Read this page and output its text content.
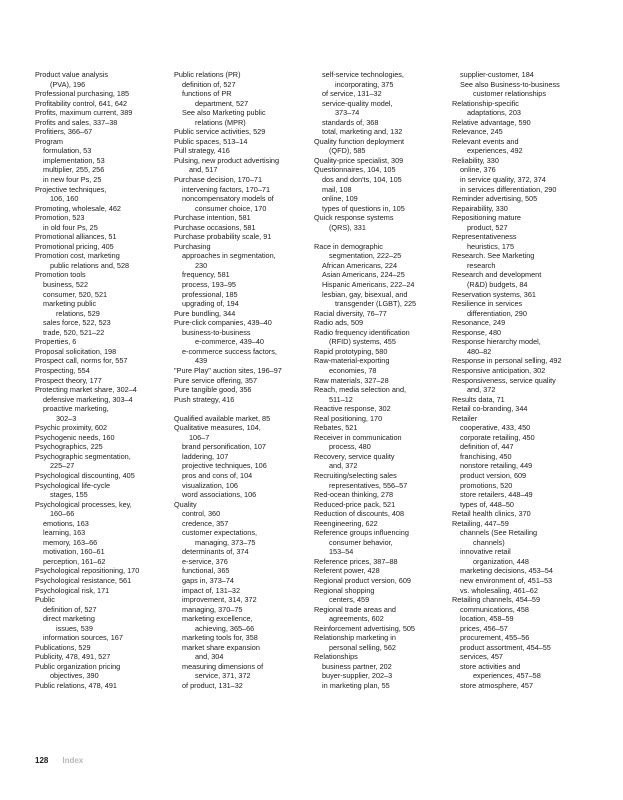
Product value analysis
(PVA), 196
Professional purchasing, 185
Profitability control, 641, 642
Profits, maximum current, 389
Profits and sales, 337–38
Profitiers, 366–67
Program
formulation, 53
implementation, 53
multiplier, 255, 256
in new four Ps, 25
Projective techniques,
106, 160
Promoting, wholesale, 462
Promotion, 523
in old four Ps, 25
Promotional alliances, 51
Promotional pricing, 405
Promotion cost, marketing
public relations and, 528
Promotion tools
business, 522
consumer, 520, 521
marketing public
relations, 529
sales force, 522, 523
trade, 520, 521–22
Properties, 6
Proposal solicitation, 198
Prospect call, norms for, 557
Prospecting, 554
Prospect theory, 177
Protecting market share, 302–4
defensive marketing, 303–4
proactive marketing,
302–3
Psychic proximity, 602
Psychogenic needs, 160
Psychographics, 225
Psychographic segmentation,
225–27
Psychological discounting, 405
Psychological life-cycle
stages, 155
Psychological processes, key,
160–66
emotions, 163
learning, 163
memory, 163–66
motivation, 160–61
perception, 161–62
Psychological repositioning, 170
Psychological resistance, 561
Psychological risk, 171
Public
definition of, 527
direct marketing
issues, 539
information sources, 167
Publications, 529
Publicity, 478, 491, 527
Public organization pricing
objectives, 390
Public relations, 478, 491
Public relations (PR)
definition of, 527
functions of PR
department, 527
See also Marketing public
relations (MPR)
Public service activities, 529
Public spaces, 513–14
Pull strategy, 416
Pulsing, new product advertising
and, 517
Purchase decision, 170–71
intervening factors, 170–71
noncompensatory models of
consumer choice, 170
Purchase intention, 581
Purchase occasions, 581
Purchase probability scale, 91
Purchasing
approaches in segmentation,
230
frequency, 581
process, 193–95
professional, 185
upgrading of, 194
Pure bundling, 344
Pure-click companies, 439–40
business-to-business
e-commerce, 439–40
e-commerce success factors,
439
"Pure Play" auction sites, 196–97
Pure service offering, 357
Pure tangible good, 356
Push strategy, 416
Qualified available market, 85
Qualitative measures, 104,
106–7
brand personification, 107
laddering, 107
projective techniques, 106
pros and cons of, 104
visualization, 106
word associations, 106
Quality
control, 360
credence, 357
customer expectations,
managing, 373–75
determinants of, 374
e-service, 376
functional, 365
gaps in, 373–74
impact of, 131–32
improvement, 314, 372
managing, 370–75
marketing excellence,
achieving, 365–66
marketing tools for, 358
market share expansion
and, 304
measuring dimensions of
service, 371, 372
of product, 131–32
self-service technologies,
incorporating, 375
of service, 131–32
service-quality model,
373–74
standards of, 368
total, marketing and, 132
Quality function deployment
(QFD), 585
Quality-price specialist, 309
Questionnaires, 104, 105
dos and don'ts, 104, 105
mail, 108
online, 109
types of questions in, 105
Quick response systems
(QRS), 331
Race in demographic
segmentation, 222–25
African Americans, 224
Asian Americans, 224–25
Hispanic Americans, 222–24
lesbian, gay, bisexual, and
transgender (LGBT), 225
Racial diversity, 76–77
Radio ads, 509
Radio frequency identification
(RFID) systems, 455
Rapid prototyping, 580
Raw-material-exporting
economies, 78
Raw materials, 327–28
Reach, media selection and,
511–12
Reactive response, 302
Real positioning, 170
Rebates, 521
Receiver in communication
process, 480
Recovery, service quality
and, 372
Recruiting/selecting sales
representatives, 556–57
Red-ocean thinking, 278
Reduced-price pack, 521
Reduction of discounts, 408
Reengineering, 622
Reference groups influencing
consumer behavior,
153–54
Reference prices, 387–88
Referent power, 428
Regional product version, 609
Regional shopping
centers, 459
Regional trade areas and
agreements, 602
Reinforcement advertising, 505
Relationship marketing in
personal selling, 562
Relationships
business partner, 202
buyer-supplier, 202–3
in marketing plan, 55
supplier-customer, 184
See also Business-to-business
customer relationships
Relationship-specific
adaptations, 203
Relative advantage, 590
Relevance, 245
Relevant events and
experiences, 492
Reliability, 330
online, 376
in service quality, 372, 374
in services differentiation, 290
Reminder advertising, 505
Repairability, 330
Repositioning mature
product, 527
Representativeness
heuristics, 175
Research. See Marketing
research
Research and development
(R&D) budgets, 84
Reservation systems, 361
Resilience in services
differentiation, 290
Resonance, 249
Response, 480
Response hierarchy model,
480–82
Response in personal selling, 492
Responsive anticipation, 302
Responsiveness, service quality
and, 372
Results data, 71
Retail co-branding, 344
Retailer
cooperative, 433, 450
corporate retailing, 450
definition of, 447
franchising, 450
nonstore retailing, 449
product version, 609
promotions, 520
store retailers, 448–49
types of, 448–50
Retail health clinics, 370
Retailing, 447–59
channels (See Retailing
channels)
innovative retail
organization, 448
marketing decisions, 453–54
new environment of, 451–53
vs. wholesaling, 461–62
Retailing channels, 454–59
communications, 458
location, 458–59
prices, 456–57
procurement, 455–56
product assortment, 454–55
services, 457
store activities and
experiences, 457–58
store atmosphere, 457
128 Index
